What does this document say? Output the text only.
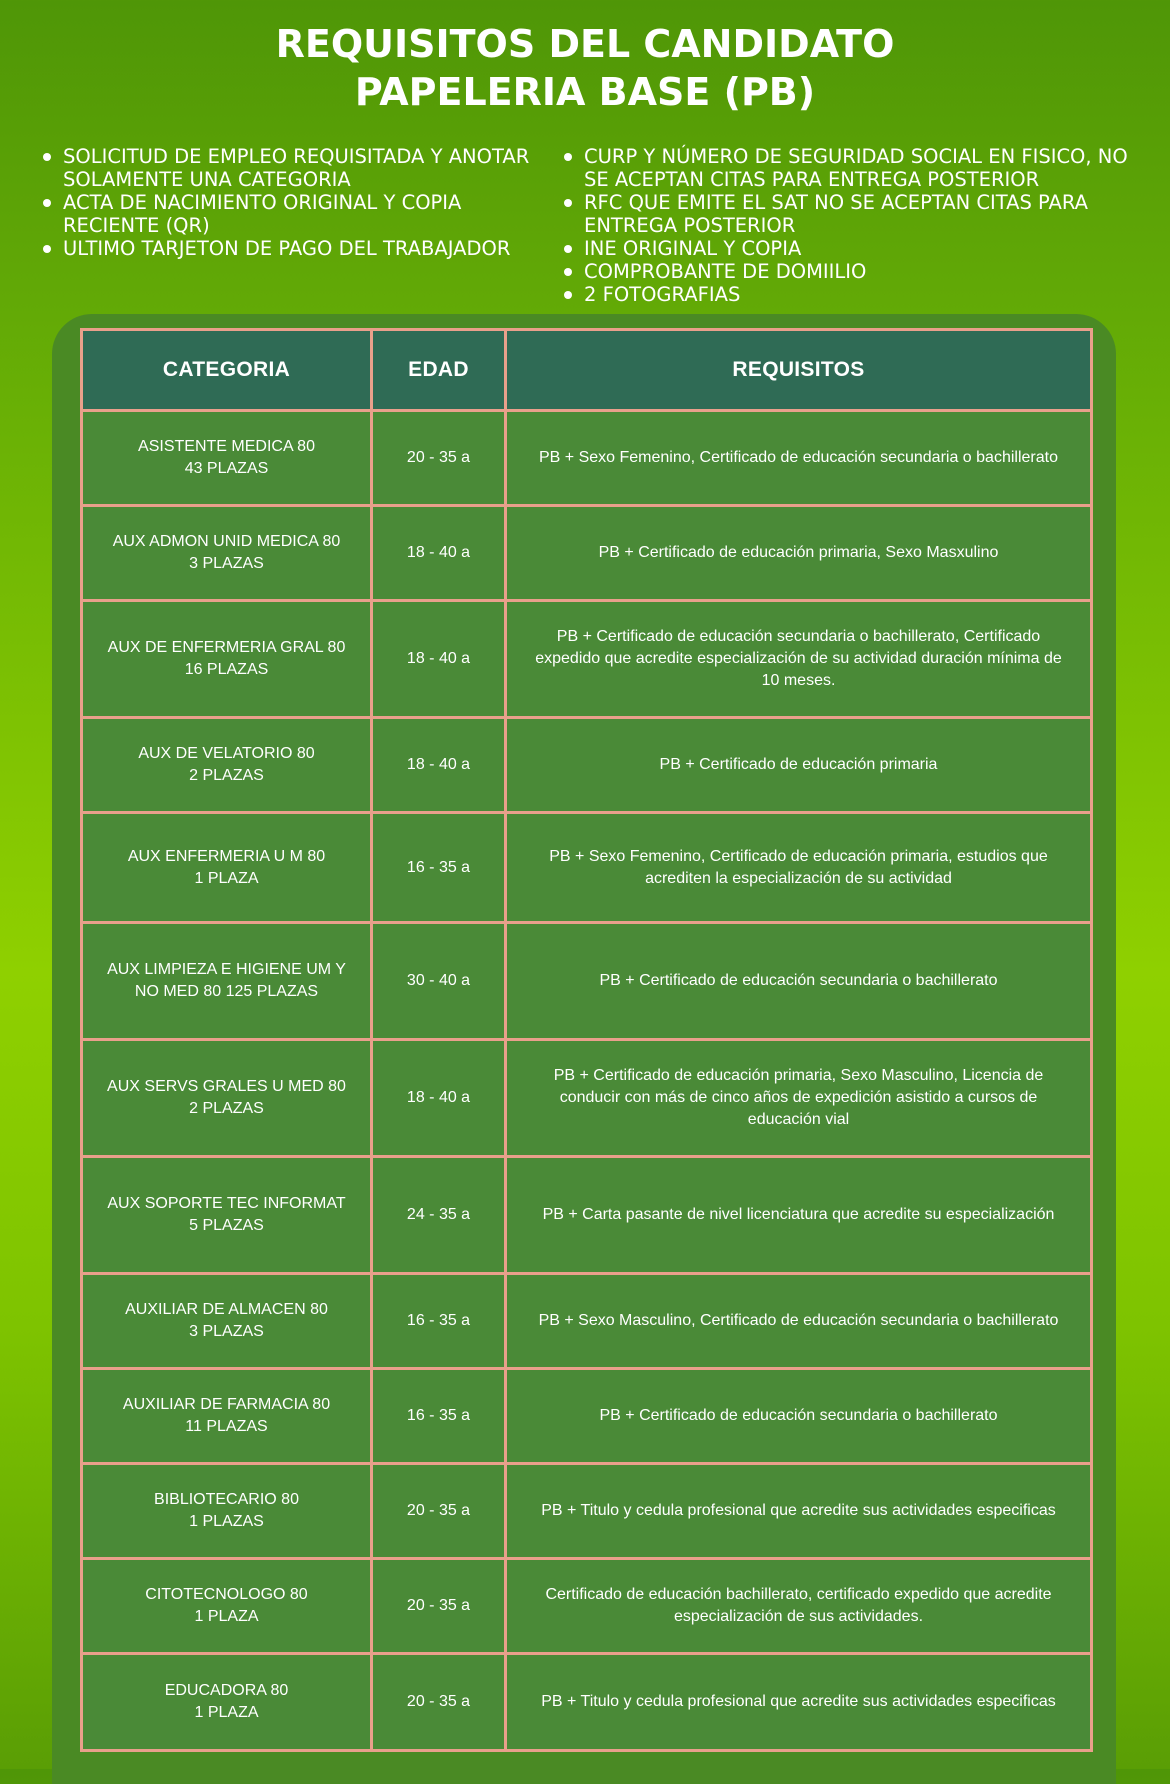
REQUISITOS DEL CANDIDATO
PAPELERIA BASE (PB)
SOLICITUD DE EMPLEO REQUISITADA Y ANOTAR SOLAMENTE UNA CATEGORIA
ACTA DE NACIMIENTO ORIGINAL Y COPIA RECIENTE (QR)
ULTIMO TARJETON DE PAGO DEL TRABAJADOR
CURP Y NÚMERO DE SEGURIDAD SOCIAL EN FISICO, NO SE ACEPTAN CITAS PARA ENTREGA POSTERIOR
RFC QUE EMITE EL SAT NO SE ACEPTAN CITAS PARA ENTREGA POSTERIOR
INE ORIGINAL Y COPIA
COMPROBANTE DE DOMIILIO
2 FOTOGRAFIAS
CATEGORIA	EDAD	REQUISITOS

ASISTENTE MEDICA 80
43 PLAZAS	20 - 35 a	PB + Sexo Femenino, Certificado de educación secundaria o bachillerato

AUX ADMON UNID MEDICA 80
3 PLAZAS	18 - 40 a	PB + Certificado de educación primaria, Sexo Masxulino

AUX DE ENFERMERIA GRAL 80
16 PLAZAS	18 - 40 a	PB + Certificado de educación secundaria o bachillerato, Certificado expedido que acredite especialización de su actividad duración mínima de 10 meses.

AUX DE VELATORIO 80
2 PLAZAS	18 - 40 a	PB + Certificado de educación primaria

AUX ENFERMERIA U M 80
1 PLAZA	16 - 35 a	PB + Sexo Femenino, Certificado de educación primaria, estudios que acrediten la especialización de su actividad

AUX LIMPIEZA E HIGIENE UM Y
NO MED 80 125 PLAZAS	30 - 40 a	PB + Certificado de educación secundaria o bachillerato

AUX SERVS GRALES U MED 80
2 PLAZAS	18 - 40 a	PB + Certificado de educación primaria, Sexo Masculino, Licencia de conducir con más de cinco años de expedición asistido a cursos de educación vial

AUX SOPORTE TEC INFORMAT
5 PLAZAS	24 - 35 a	PB + Carta pasante de nivel licenciatura que acredite su especialización

AUXILIAR DE ALMACEN 80
3 PLAZAS	16 - 35 a	PB + Sexo Masculino, Certificado de educación secundaria o bachillerato

AUXILIAR DE FARMACIA 80
11 PLAZAS	16 - 35 a	PB + Certificado de educación secundaria o bachillerato

BIBLIOTECARIO 80
1 PLAZAS	20 - 35 a	PB + Titulo y cedula profesional que acredite sus actividades especificas

CITOTECNOLOGO 80
1 PLAZA	20 - 35 a	Certificado de educación bachillerato, certificado expedido que acredite especialización de sus actividades.

EDUCADORA 80
1 PLAZA	20 - 35 a	PB + Titulo y cedula profesional que acredite sus actividades especificas
